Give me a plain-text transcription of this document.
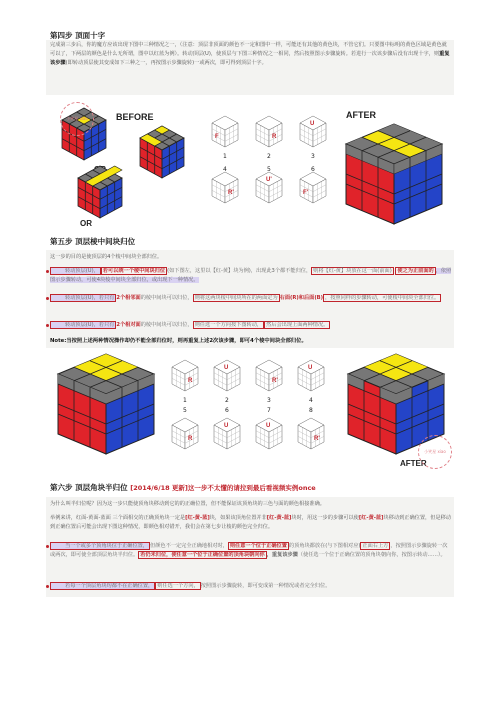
第四步 顶面十字
完成第三步后，你的魔方应该出现下图中三种情况之一，（注意：顶层非顶面的颜色不一定和图中一样，可能还有其他的黄色块，不管它们。只要图中标明的黄色区域是黄色就可以了，下两层的颜色是什么无所谓，图中以红蓝为例）。转动顶层(U)，使顶层与下图三种情况之一相同，然后按照图示步骤旋转。若进行一次该步骤后没有出现十字，则重复该步骤(即转动顶层使其变成如下三种之一，再按图示步骤旋转)一或两次，即可得到顶层十字。
BEFORE
OR
小笑星 xiao
F	R
U
1	2	3
R'
U'
F'
4	5	6
AFTER
第五步 顶层棱中间块归位
这一步的目的是使顶层的4个棱中间块全部归位。
转动顶层(U)， 若可以统一个棱中间块归位 (如下图左，这里以【红-黄】块为例)，出现此3个都不能归位， 则将【红-黄】块放在这一面(前面) 使之为正前面的 ，依照图示步骤转动，可使4块棱中间块全部归位，或出现下一种情况。
转动顶层(U)，若只有 2个相邻面的棱中间块可以归位， 则将这两块棱中间块所在的两面定为 右面(R)和后面(B) ，按照同样的步骤转动，可使棱中间块全部归位。
转动顶层(U)，若只有 2个相对面的棱中间块可以归位， 则任选一个方向按下图转动， 然后会出现上面两种情况。
Note:当按照上述两种情况操作却仍不能全部归位时，则再重复上述2次该步骤，即可4个棱中间块全部归位。
R
U
R'
U
1	2	3	4
5	6	7	8
R
U	U
R'
AFTER
小笑星 xiao
第六步 顶层角块半归位 [2014/6/18 更新]这一步不太懂的请拉到最后看视频实例once
为什么叫半归位呢？因为这一步只能使顶角块移动到它的的正确位置，但不能保证该顶角块的三色与面的颜色相接准确。
举例来讲，红面-黄面-蓝面 三个面相交的正确顶角块一定是[红-黄-蓝]块，如果该顶角位置并非[红-黄-蓝]块时，用这一步的步骤可以使[红-黄-蓝]块移动到正确位置，但是移动到正确位置后可能会出现下图这种情况，即颜色相对错开，我们会在第七步让棱的颜色完全归位。
当一个或多个顶角块位于正确位置， 但颜色不一定完全正确地相对时， 则任意一个位于正确位置 的顶角块都放在(与下图相对应) 正面右上方 ，按照图示步骤旋转一次或两次，即可使全部顶层角块半归位。 若仍未归位，使任意一个位于正确位置的顶角块朝向你 ，重复该步骤（使任选一个位于正确位置的顶角块朝向你，按图示转动……）。
若每一个顶层角块均都不在正确位置， 则任选一个方向， 按照图示步骤旋转，即可变成第一种情况或者完全归位。
